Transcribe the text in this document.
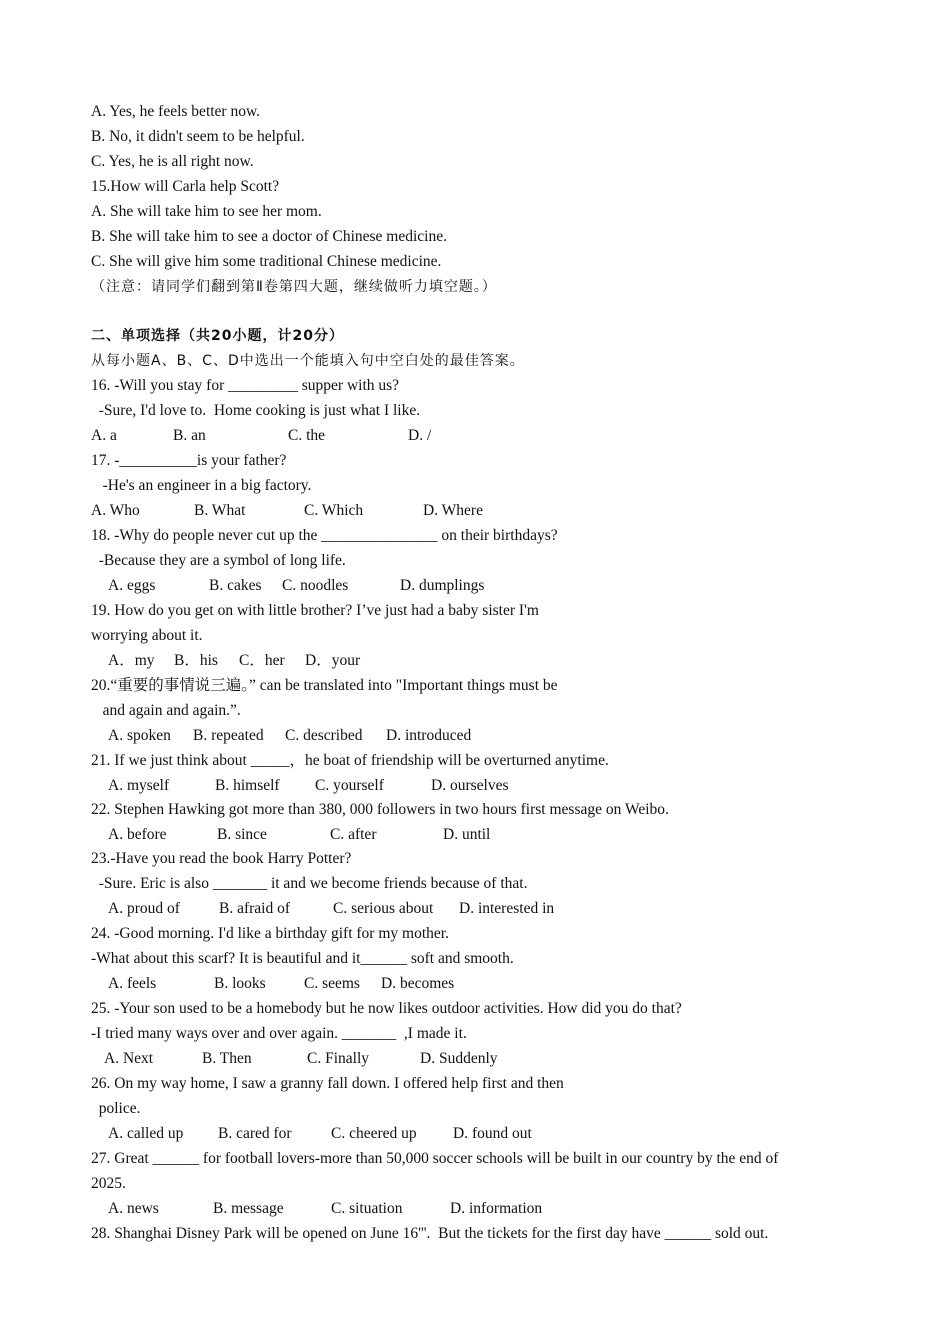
A. Yes, he feels better now.
B. No, it didn't seem to be helpful.
C. Yes, he is all right now.
15.How will Carla help Scott?
A. She will take him to see her mom.
B. She will take him to see a doctor of Chinese medicine.
C. She will give him some traditional Chinese medicine.
（注意：请同学们翻到第Ⅱ卷第四大题，继续做听力填空题。）
二、单项选择（共20小题，计20分）
从每小题A、B、C、D中选出一个能填入句中空白处的最佳答案。
16. -Will you stay for _________ supper with us?
-Sure, I'd love to.  Home cooking is just what I like.
A. a	B. an	C. the	D. /
17. -__________is your father?
-He's an engineer in a big factory.
A. Who	B. What	C. Which	D. Where
18. -Why do people never cut up the _______________ on their birthdays?
-Because they are a symbol of long life.
A. eggs	B. cakes C. noodles	D. dumplings
19. How do you get on with little brother? I’ve just had a baby sister I'm
worrying about it.
A．my B．his C．her D．your
20.“重要的事情说三遍。” can be translated into "Important things must be
and again and again.”.
A. spoken B. repeated C. described D. introduced
21. If we just think about _____，he boat of friendship will be overturned anytime.
A. myself	B. himself C. yourself	D. ourselves
22. Stephen Hawking got more than 380, 000 followers in two hours first message on Weibo.
A. before	B. since	C. after	D. until
23.-Have you read the book Harry Potter?
-Sure. Eric is also _______ it and we become friends because of that.
A. proud of	B. afraid of	C. serious about D. interested in
24. -Good morning. I'd like a birthday gift for my mother.
-What about this scarf? It is beautiful and it______ soft and smooth.
A. feels	B. looks C. seems D. becomes
25. -Your son used to be a homebody but he now likes outdoor activities. How did you do that?
-I tried many ways over and over again. _______  ,I made it.
A. Next	B. Then	C. Finally	D. Suddenly
26. On my way home, I saw a granny fall down. I offered help first and then
police.
A. called up B. cared for	C. cheered up D. found out
27. Great ______ for football lovers-more than 50,000 soccer schools will be built in our country by the end of
2025.
A. news	B. message	C. situation	D. information
28. Shanghai Disney Park will be opened on June 16'''.  But the tickets for the first day have ______ sold out.
